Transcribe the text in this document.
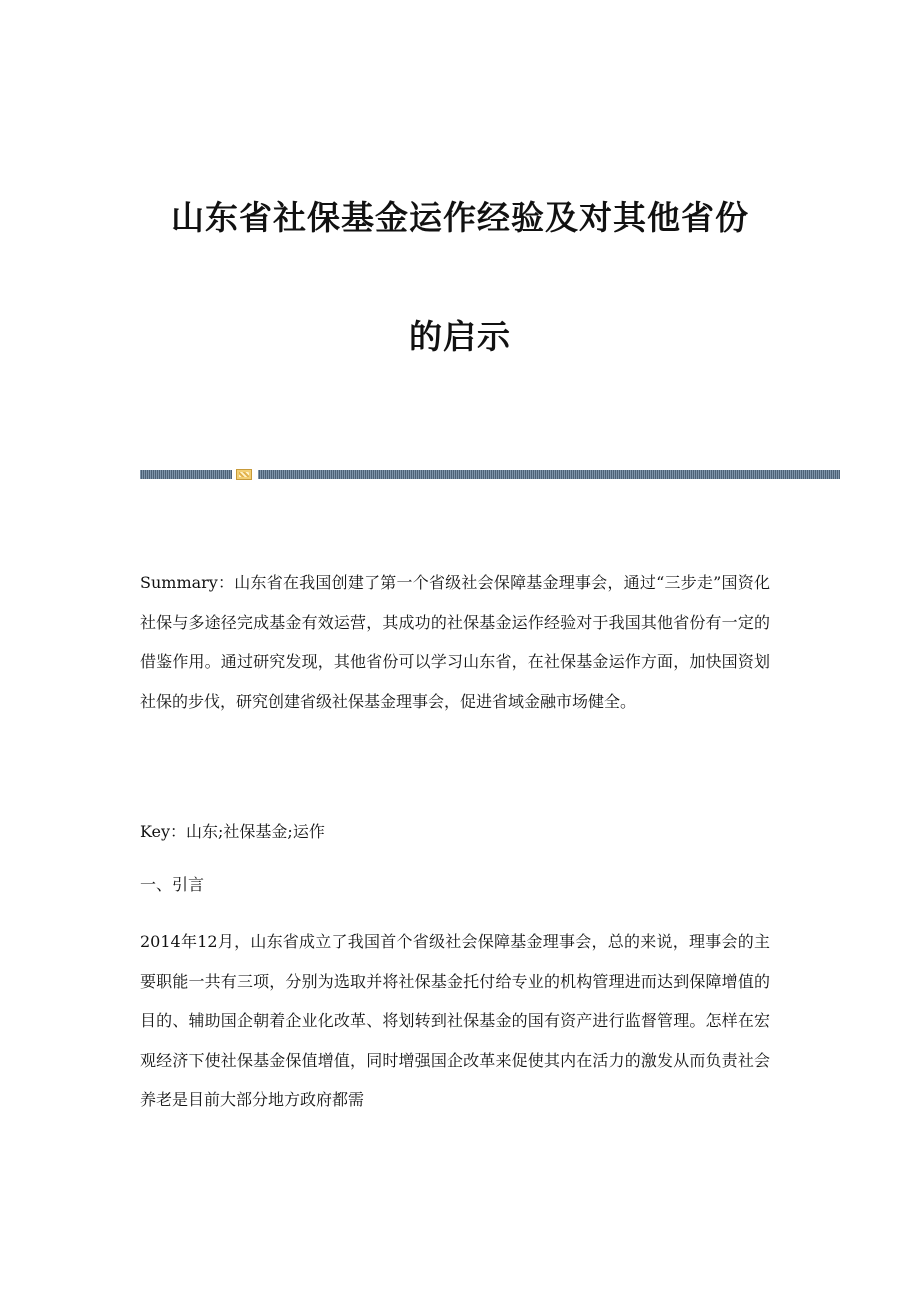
山东省社保基金运作经验及对其他省份
的启示

Summary：山东省在我国创建了第一个省级社会保障基金理事会，通过“三步走”国资化社保与多途径完成基金有效运营，其成功的社保基金运作经验对于我国其他省份有一定的借鉴作用。通过研究发现，其他省份可以学习山东省，在社保基金运作方面，加快国资划社保的步伐，研究创建省级社保基金理事会，促进省域金融市场健全。

Key：山东;社保基金;运作

一、引言

2014年12月，山东省成立了我国首个省级社会保障基金理事会，总的来说，理事会的主要职能一共有三项，分别为选取并将社保基金托付给专业的机构管理进而达到保障增值的目的、辅助国企朝着企业化改革、将划转到社保基金的国有资产进行监督管理。怎样在宏观经济下使社保基金保值增值，同时增强国企改革来促使其内在活力的激发从而负责社会养老是目前大部分地方政府都需
